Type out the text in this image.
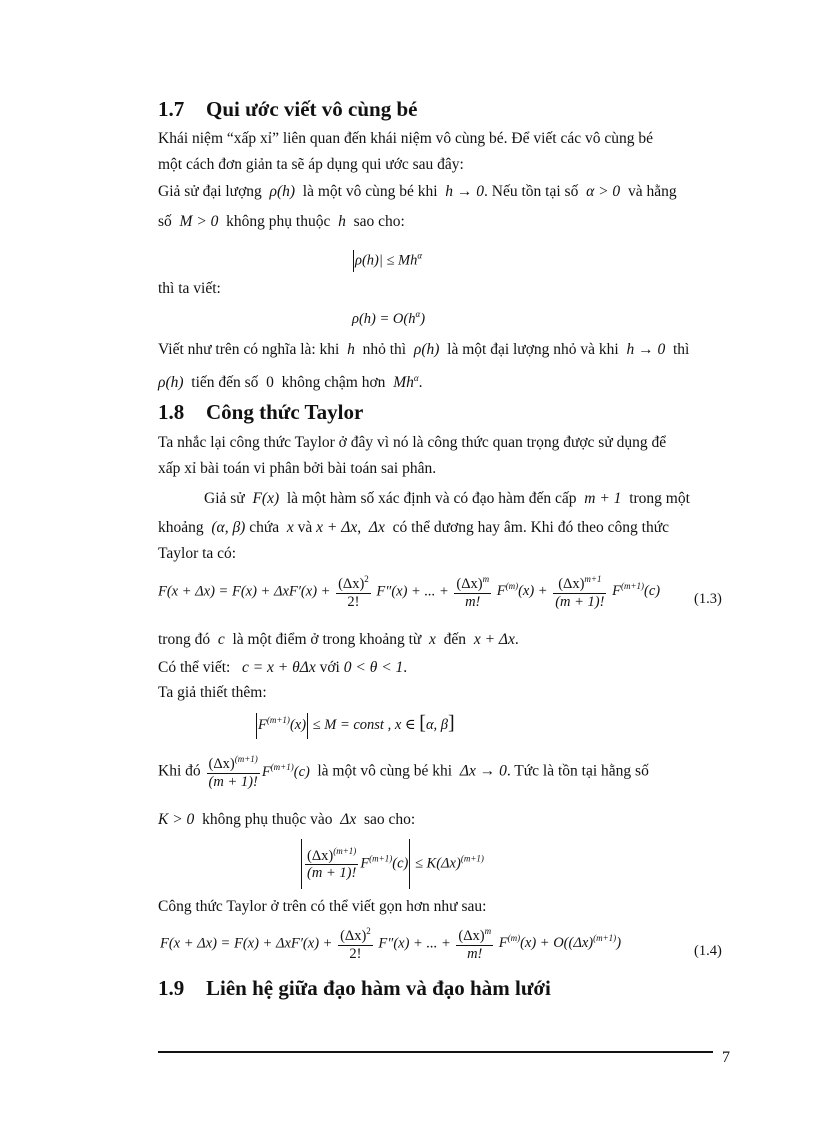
1.7 Qui ước viết vô cùng bé
Khái niệm “xấp xỉ” liên quan đến khái niệm vô cùng bé. Để viết các vô cùng bé
một cách đơn giản ta sẽ áp dụng qui ước sau đây:
Giả sử đại lượng  ρ(h)  là một vô cùng bé khi  h → 0. Nếu tồn tại số  α > 0  và hằng
số  M > 0  không phụ thuộc  h  sao cho:
$\rho(h)| \le Mh^\alpha$
thì ta viết:
$\rho(h) = O(h^\alpha)$
Viết như trên có nghĩa là: khi  h  nhỏ thì  ρ(h)  là một đại lượng nhỏ và khi  h → 0  thì
ρ(h)  tiến đến số  0  không chậm hơn  $Mh^\alpha$.
1.8 Công thức Taylor
Ta nhắc lại công thức Taylor ở đây vì nó là công thức quan trọng được sử dụng để
xấp xỉ bài toán vi phân bởi bài toán sai phân.
Giả sử  F(x)  là một hàm số xác định và có đạo hàm đến cấp  m + 1  trong một
khoảng  (α, β) chứa  x và x + Δx,  Δx  có thể dương hay âm. Khi đó theo công thức
Taylor ta có:
$F(x + \Delta x) = F(x) + \Delta xF'(x) + \frac{(\Delta x)^2}{2!} F''(x)$ + ... + $\frac{(\Delta x)^m}{m!} F^{(m)}(x) + \frac{(\Delta x)^{m+1}}{(m + 1)!} F^{(m+1)}(c)$ (1.3)
trong đó  c  là một điểm ở trong khoảng từ  x  đến  x + Δx.
Có thể viết:   c = x + θΔx với 0 < θ < 1.
Ta giả thiết thêm:
$F^{(m+1)}(x) \le M$ = const , x ∈ [α, β]
Khi đó $\frac{(\Delta x)^{(m+1)}}{(m + 1)!} F^{(m+1)}(c)$  là một vô cùng bé khi  Δx → 0. Tức là tồn tại hằng số
K > 0  không phụ thuộc vào  Δx  sao cho:
$\frac{(\Delta x)^{(m+1)}}{(m + 1)!} F^{(m+1)}(c) \le K(\Delta x)^{(m+1)}$
Công thức Taylor ở trên có thể viết gọn hơn như sau:
$F(x + \Delta x) = F(x) + \Delta xF'(x) + \frac{(\Delta x)^2}{2!} F''(x)$ + ... + $\frac{(\Delta x)^m}{m!} F^{(m)}(x) + O((\Delta x)^{(m+1)})$	(1.4)
1.9 Liên hệ giữa đạo hàm và đạo hàm lưới
7
